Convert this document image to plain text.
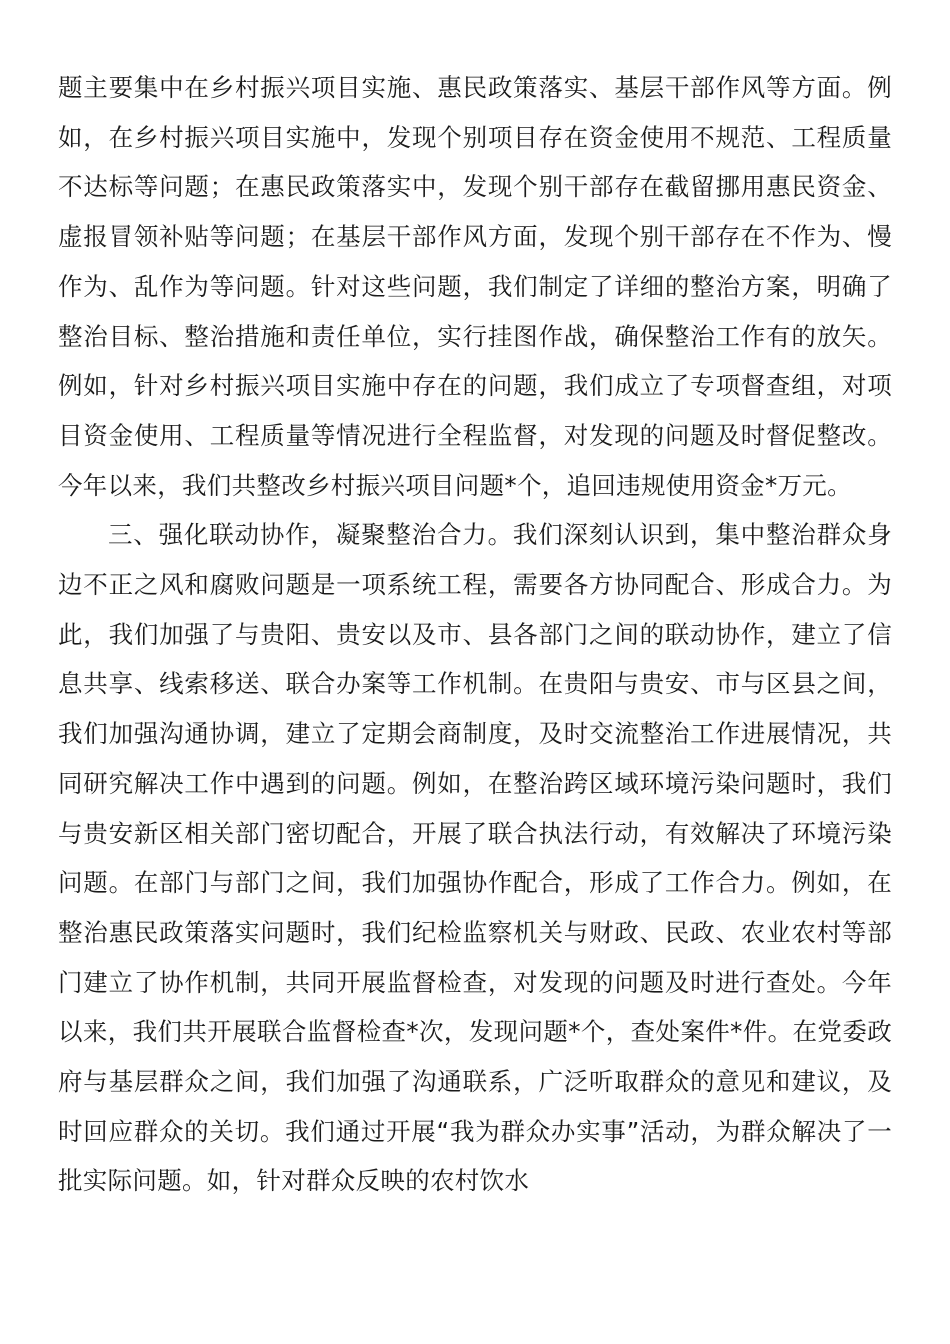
题主要集中在乡村振兴项目实施、惠民政策落实、基层干部作风等方面。例如，在乡村振兴项目实施中，发现个别项目存在资金使用不规范、工程质量不达标等问题；在惠民政策落实中，发现个别干部存在截留挪用惠民资金、虚报冒领补贴等问题；在基层干部作风方面，发现个别干部存在不作为、慢作为、乱作为等问题。针对这些问题，我们制定了详细的整治方案，明确了整治目标、整治措施和责任单位，实行挂图作战，确保整治工作有的放矢。例如，针对乡村振兴项目实施中存在的问题，我们成立了专项督查组，对项目资金使用、工程质量等情况进行全程监督，对发现的问题及时督促整改。今年以来，我们共整改乡村振兴项目问题*个，追回违规使用资金*万元。

三、强化联动协作，凝聚整治合力。我们深刻认识到，集中整治群众身边不正之风和腐败问题是一项系统工程，需要各方协同配合、形成合力。为此，我们加强了与贵阳、贵安以及市、县各部门之间的联动协作，建立了信息共享、线索移送、联合办案等工作机制。在贵阳与贵安、市与区县之间，我们加强沟通协调，建立了定期会商制度，及时交流整治工作进展情况，共同研究解决工作中遇到的问题。例如，在整治跨区域环境污染问题时，我们与贵安新区相关部门密切配合，开展了联合执法行动，有效解决了环境污染问题。在部门与部门之间，我们加强协作配合，形成了工作合力。例如，在整治惠民政策落实问题时，我们纪检监察机关与财政、民政、农业农村等部门建立了协作机制，共同开展监督检查，对发现的问题及时进行查处。今年以来，我们共开展联合监督检查*次，发现问题*个，查处案件*件。在党委政府与基层群众之间，我们加强了沟通联系，广泛听取群众的意见和建议，及时回应群众的关切。我们通过开展“我为群众办实事”活动，为群众解决了一批实际问题。如，针对群众反映的农村饮水
